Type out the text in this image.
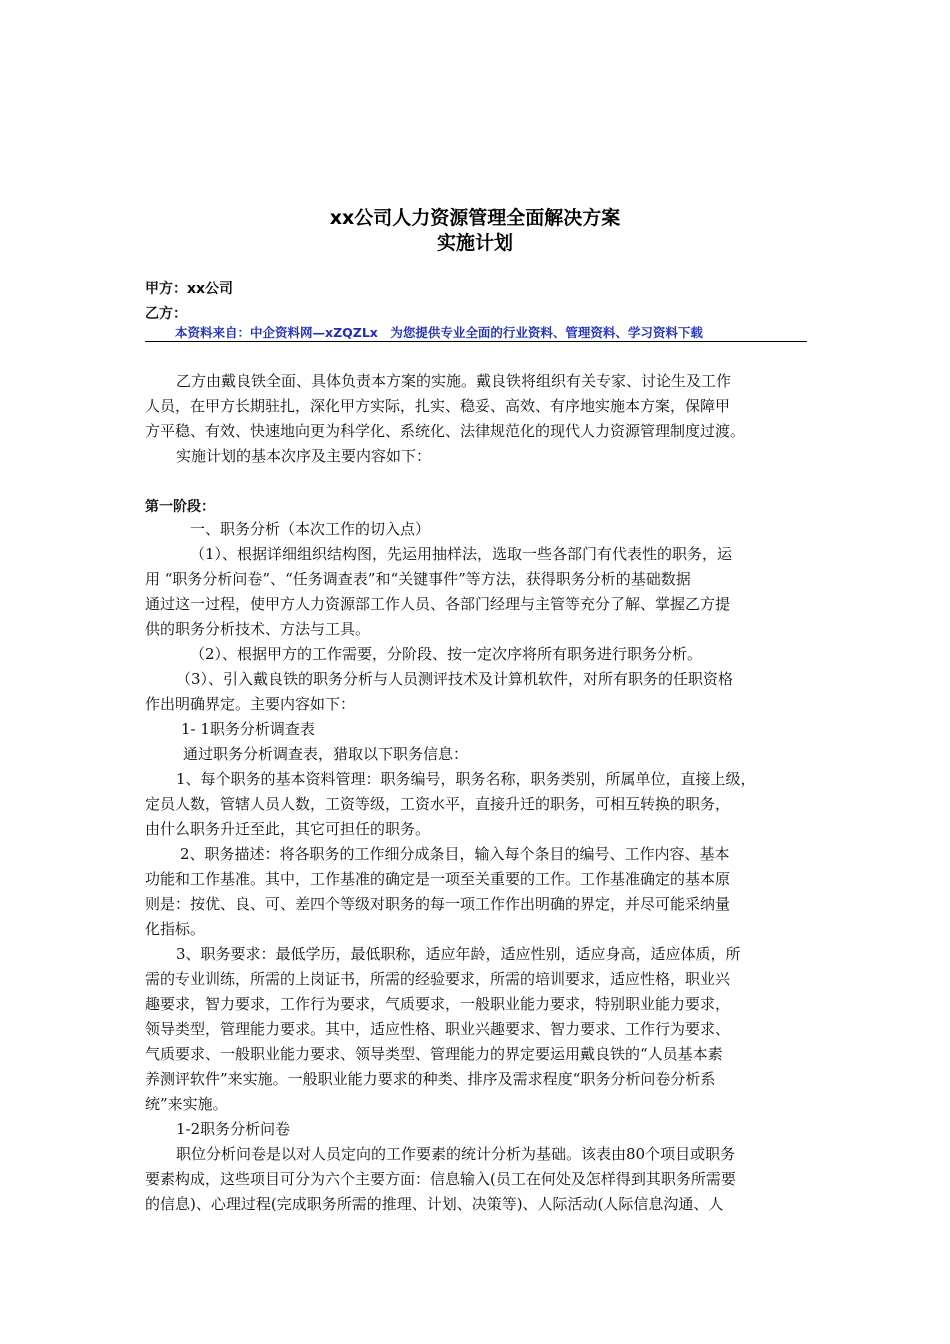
xx公司人力资源管理全面解决方案
实施计划
甲方：xx公司
乙方：
本资料来自：中企资料网—xZQZLx　为您提供专业全面的行业资料、管理资料、学习资料下载
第一阶段：
乙方由戴良铁全面、具体负责本方案的实施。戴良铁将组织有关专家、讨论生及工作
人员，在甲方长期驻扎，深化甲方实际，扎实、稳妥、高效、有序地实施本方案，保障甲
方平稳、有效、快速地向更为科学化、系统化、法律规范化的现代人力资源管理制度过渡。
实施计划的基本次序及主要内容如下：
一、职务分析（本次工作的切入点）
（1）、根据详细组织结构图，先运用抽样法，选取一些各部门有代表性的职务，运
用 “职务分析问卷”、“任务调查表”和“关键事件”等方法，获得职务分析的基础数据
通过这一过程，使甲方人力资源部工作人员、各部门经理与主管等充分了解、掌握乙方提
供的职务分析技术、方法与工具。
（2）、根据甲方的工作需要，分阶段、按一定次序将所有职务进行职务分析。
（3）、引入戴良铁的职务分析与人员测评技术及计算机软件，对所有职务的任职资格
作出明确界定。主要内容如下：
1- 1职务分析调查表
通过职务分析调查表，猎取以下职务信息：
1、每个职务的基本资料管理：职务编号，职务名称，职务类别，所属单位，直接上级，
定员人数，管辖人员人数，工资等级，工资水平，直接升迁的职务，可相互转换的职务，
由什么职务升迁至此，其它可担任的职务。
2、职务描述：将各职务的工作细分成条目，输入每个条目的编号、工作内容、基本
功能和工作基准。其中，工作基准的确定是一项至关重要的工作。工作基准确定的基本原
则是：按优、良、可、差四个等级对职务的每一项工作作出明确的界定，并尽可能采纳量
化指标。
3、职务要求：最低学历，最低职称，适应年龄，适应性别，适应身高，适应体质，所
需的专业训练，所需的上岗证书，所需的经验要求，所需的培训要求，适应性格，职业兴
趣要求，智力要求，工作行为要求，气质要求，一般职业能力要求，特别职业能力要求，
领导类型，管理能力要求。其中，适应性格、职业兴趣要求、智力要求、工作行为要求、
气质要求、一般职业能力要求、领导类型、管理能力的界定要运用戴良铁的“人员基本素
养测评软件”来实施。一般职业能力要求的种类、排序及需求程度“职务分析问卷分析系
统”来实施。
1-2职务分析问卷
职位分析问卷是以对人员定向的工作要素的统计分析为基础。该表由80个项目或职务
要素构成，这些项目可分为六个主要方面：信息输入(员工在何处及怎样得到其职务所需要
的信息)、心理过程(完成职务所需的推理、计划、决策等)、人际活动(人际信息沟通、人
